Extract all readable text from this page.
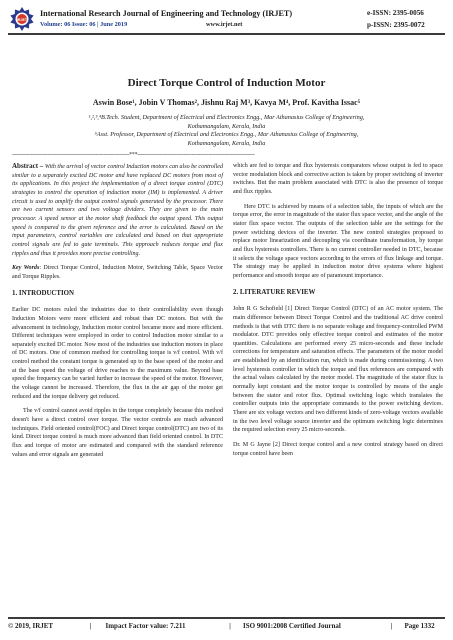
IRJET
International Research Journal of Engineering and Technology (IRJET)	e-ISSN: 2395-0056
Volume: 06 Issue: 06 | June 2019	www.irjet.net	p-ISSN: 2395-0072
Direct Torque Control of Induction Motor
Aswin Bose¹, Jobin V Thomas², Jishnu Raj M³, Kavya M⁴, Prof. Kavitha Issac⁵
¹,²,³,⁴B.Tech. Student, Department of Electrical and Electronics Engg., Mar Athanasius College of Engineering,
Kothamangalam, Kerala, India
⁵Asst. Professor, Department of Electrical and Electronics Engg., Mar Athanasius College of Engineering,
Kothamangalam, Kerala, India
---------------------------------------------------------------------***---------------------------------------------------------------------

Abstract – With the arrival of vector control Induction motors can also be controlled similar to a separately excited DC motor and have replaced DC motors from most of its applications. In this project the implementation of a direct torque control (DTC) strategies to control the operation of induction motor (IM) is implemented. A driver circuit is used to amplify the output control signals generated by the processor. There are two current sensors and two voltage dividers. They are given to the main processor. A speed sensor at the motor shaft feedback the output speed. This output speed is compared to the given reference and the error is calculated. Based on the input parameters, control variables are calculated and based on that appropriate control signals are fed to gate terminals. This approach reduces torque and flux ripples and thus it provides more precise controlling.

Key Words: Direct Torque Control, Induction Motor, Switching Table, Space Vector and Torque Ripples.

1. INTRODUCTION

Earlier DC motors ruled the industries due to their controllability even though Induction Motors were more efficient and robust than DC motors. But with the advancement in technology, Induction motor control became more and more efficient. Different techniques were employed in order to control Induction motor similar to a separately excited DC motor. Now most of the industries use induction motors in place of DC motors. One of common method for controlling torque is v/f control. With v/f control method the constant torque is generated up to the base speed of the motor and at the base speed the voltage of drive reaches to the maximum value. Beyond base speed the frequency can be varied further to increase the speed of the motor. However, the voltage cannot be increased. Therefore, the flux in the air gap of the motor get reduced and the torque delivery get reduced.

The v/f control cannot avoid ripples in the torque completely because this method doesn't have a direct control over torque. The vector controls are much advanced techniques. Field oriented control(FOC) and Direct torque control(DTC) are two of its kind. Direct torque control is much more advanced than field oriented control. In DTC flux and torque of motor are estimated and compared with the standard reference values and error signals are generated

which are fed to torque and flux hysteresis comparators whose output is fed to space vector modulation block and corrective action is taken by proper switching of inverter switches. But the main problem associated with DTC is also the presence of torque and flux ripples.

Here DTC is achieved by means of a selection table, the inputs of which are the torque error, the error in magnitude of the stator flux space vector, and the angle of the stator flux space vector. The outputs of the selection table are the settings for the power switching devices of the inverter. The new control strategies proposed to replace motor linearization and decoupling via coordinate transformation, by torque and flux hysteresis controllers. There is no current controller needed in DTC, because it selects the voltage space vectors according to the errors of flux linkage and torque. The strategy may be applied in induction motor drive systems where highest performance and smooth torque are of paramount importance.

2. LITERATURE REVIEW

John R G Schofield [1] Direct Torque Control (DTC) of an AC motor system. The main difference between Direct Torque Control and the traditional AC drive control methods is that with DTC there is no separate voltage and frequency-controlled PWM modulator. DTC provides only effective torque control and estimates of the motor quantities. Calculations are performed every 25 micro-seconds and these include corrections for temperature and saturation effects. The parameters of the motor model are established by an identification run, which is made during commissioning. A two level hysteresis controller in which the torque and flux references are compared with the actual values calculated by the motor model. The magnitude of the stator flux is normally kept constant and the motor torque is controlled by means of the angle between the stator and rotor flux. Optimal switching logic which translates the controller outputs into the appropriate commands to the power switching devices. There are six voltage vectors and two different kinds of zero-voltage vectors available in the two level voltage source inverter and the optimum switching logic determines the required selection every 25 micro-seconds.

Dr. M G Jayne [2] Direct torque control and a new control strategy based on direct torque control have been

© 2019, IRJET	| Impact Factor value: 7.211	| ISO 9001:2008 Certified Journal	| Page 1332
